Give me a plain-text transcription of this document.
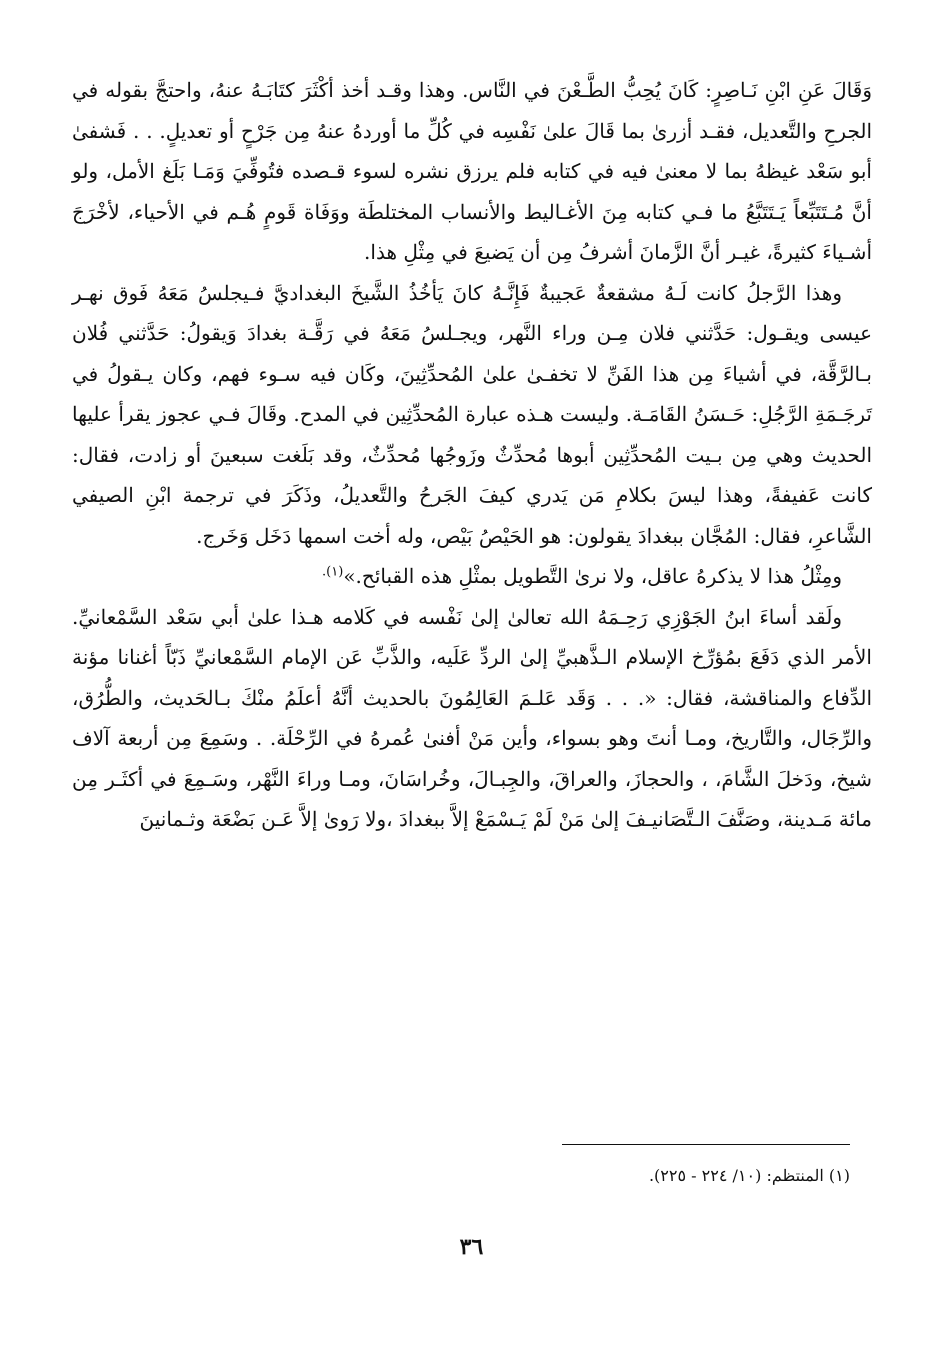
وَقَالَ عَنِ ابْنِ نَـاصِرٍ: كَانَ يُحِبُّ الطَّـعْنَ في النَّاس. وهذا وقـد أخذ أكْثَرَ كتَابَـهُ عنهُ، واحتجَّ بقوله في الجرحِ والتَّعديل، فقـد أزرىٰ بما قَالَ علىٰ نَفْسِه في كُلِّ ما أوردهُ عنهُ مِن جَرْحٍ أو تعديلٍ. . . فَشفىٰ أبو سَعْد غيظهُ بما لا معنىٰ فيه في كتابه فلم يرزق نشره لسوء قـصده فتُوفِّيَ وَمَـا بَلَغ الأمل، ولو أنَّ مُـتَتَبِّعاً يَـتَتَبَّعُ ما فـي كتابه مِنَ الأغـاليط والأنساب المختلطَة ووَفَاة قَومٍ هُـم في الأحياء، لأخْرَجَ أشـياءَ كثيرةً، غيـر أنَّ الزَّمانَ أشرفُ مِن أن يَضيعَ في مِثْلِ هذا.

وهذا الرَّجلُ كانت لَـهُ مشقعةٌ عَجيبةٌ فَإِنَّـهُ كانَ يَأخُذُ الشَّيخَ البغداديَّ فـيجلسُ مَعَهُ فَوق نهـر عيسى ويقـول: حَدَّثني فلان مِـن وراء النَّهر، ويجـلسُ مَعَهُ في رَقَّـة بغدادَ وَيقولُ: حَدَّثني فُلان بـالرَّقَّة، في أشياءَ مِن هذا الفَنِّ لا تخفـىٰ علىٰ المُحدِّثِينَ، وكَان فيه سـوء فهم، وكان يـقولُ في تَرجَـمَةِ الرَّجُلِ: حَـسَنُ القَامَـة. وليست هـذه عبارة المُحدِّثِين في المدح. وقَالَ فـي عجوز يقرأ عليها الحديث وهي مِن بـيت المُحدِّثِين أبوها مُحدِّثٌ وزَوجُها مُحدِّثٌ، وقد بَلَغت سبعينَ أو زادت، فقال: كانت عَفيفةً، وهذا ليسَ بكلامِ مَن يَدري كيفَ الجَرحُ والتَّعديلُ، وذَكَرَ في ترجمة ابْنِ الصيفي الشَّاعرِ، فقال: المُجَّان ببغدادَ يقولون: هو الحَيْصُ بَيْص، وله أخت اسمها دَخَل وَخَرج.

ومِثْلُ هذا لا يذكرهُ عاقل، ولا نرىٰ التَّطويل بمثْلِ هذه القبائح.»$^{(١).}$

ولَقد أساءَ ابنُ الجَوْزِي رَحِـمَهُ الله تعالىٰ إلىٰ نَفْسه في كَلامه هـذا علىٰ أبي سَعْد السَّمْعانيِّ. الأمر الذي دَفَعَ بمُؤرِّخ الإسلام الـذَّهبيِّ إلىٰ الردِّ عَلَيه، والذَّبِّ عَن الإمام السَّمْعانيِّ ذَبّاً أغنانا مؤنة الدِّفاع والمناقشة، فقال: «. . . وَقَد عَلـمَ العَالِمُونَ بالحديث أنَّهُ أعلَمُ منْكَ بـالحَديث، والطُّرُق، والرِّجَال، والتَّاريخ، ومـا أنتَ وهو بسواء، وأين مَنْ أفنىٰ عُمرهُ في الرِّحْلَة. . وسَمِعَ مِن أربعة آلاف شيخ، ودَخلَ الشَّامَ، ، والحجازَ، والعراقَ، والجِبـالَ، وخُراسَانَ، ومـا وراءَ النَّهْر، وسَـمِعَ في أكثَـر مِن مائة مَـدينة، وصَنَّفَ الـتَّصَانيـفَ إلىٰ مَنْ لَمْ يَـسْمَعْ إلاَّ ببغدادَ ،ولا رَوىٰ إلاَّ عَـن بَضْعَة وثـمانينَ

(١) المنتظم: (١٠/ ٢٢٤ - ٢٢٥).
٣٦
